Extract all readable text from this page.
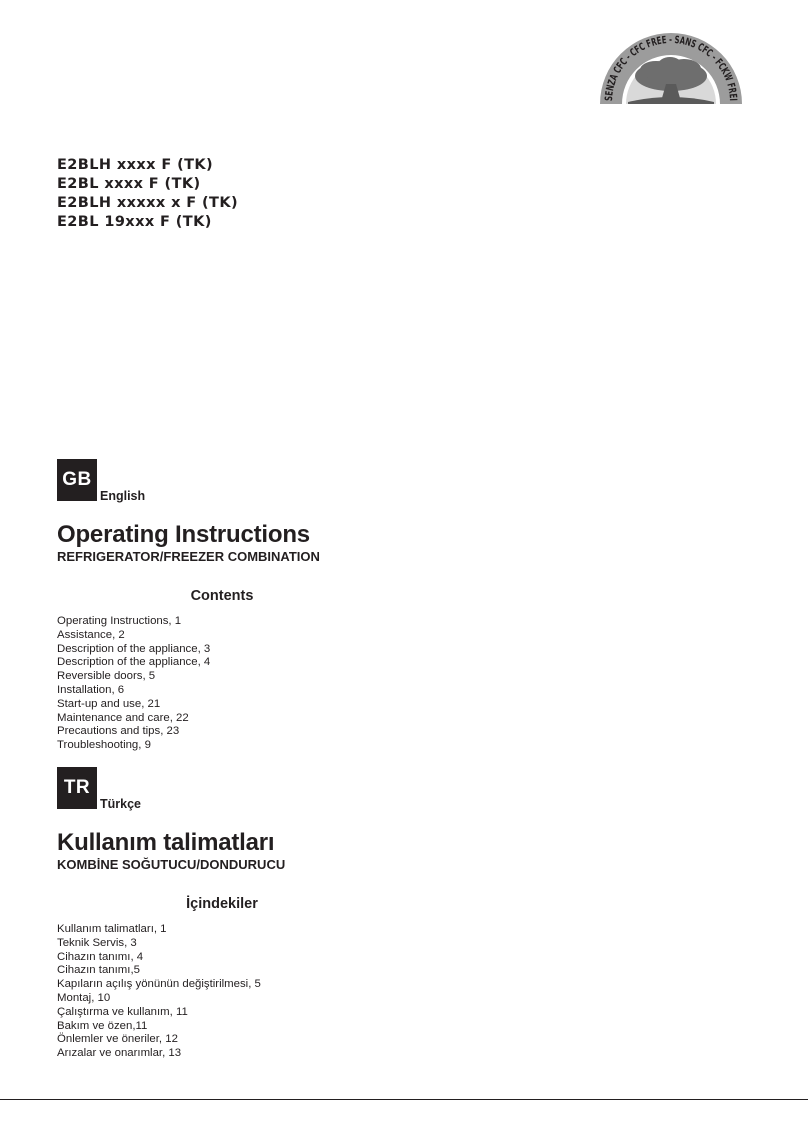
SENZA CFC - CFC FREE - SANS CFC - FCKW FREI
E2BLH xxxx F (TK)
E2BL xxxx F (TK)
E2BLH xxxxx x F (TK)
E2BL 19xxx F (TK)
GB
English
Operating Instructions
REFRIGERATOR/FREEZER COMBINATION
Contents
Operating Instructions, 1
Assistance, 2
Description of the appliance, 3
Description of the appliance, 4
Reversible doors, 5
Installation, 6
Start-up and use, 21
Maintenance and care, 22
Precautions and tips, 23
Troubleshooting, 9
TR
Türkçe
Kullanım talimatları
KOMBİNE SOĞUTUCU/DONDURUCU
İçindekiler
Kullanım talimatları, 1
Teknik Servis, 3
Cihazın tanımı, 4
Cihazın tanımı,5
Kapıların açılış yönünün değiştirilmesi, 5
Montaj, 10
Çalıştırma ve kullanım, 11
Bakım ve özen,11
Önlemler ve öneriler, 12
Arızalar ve onarımlar, 13
